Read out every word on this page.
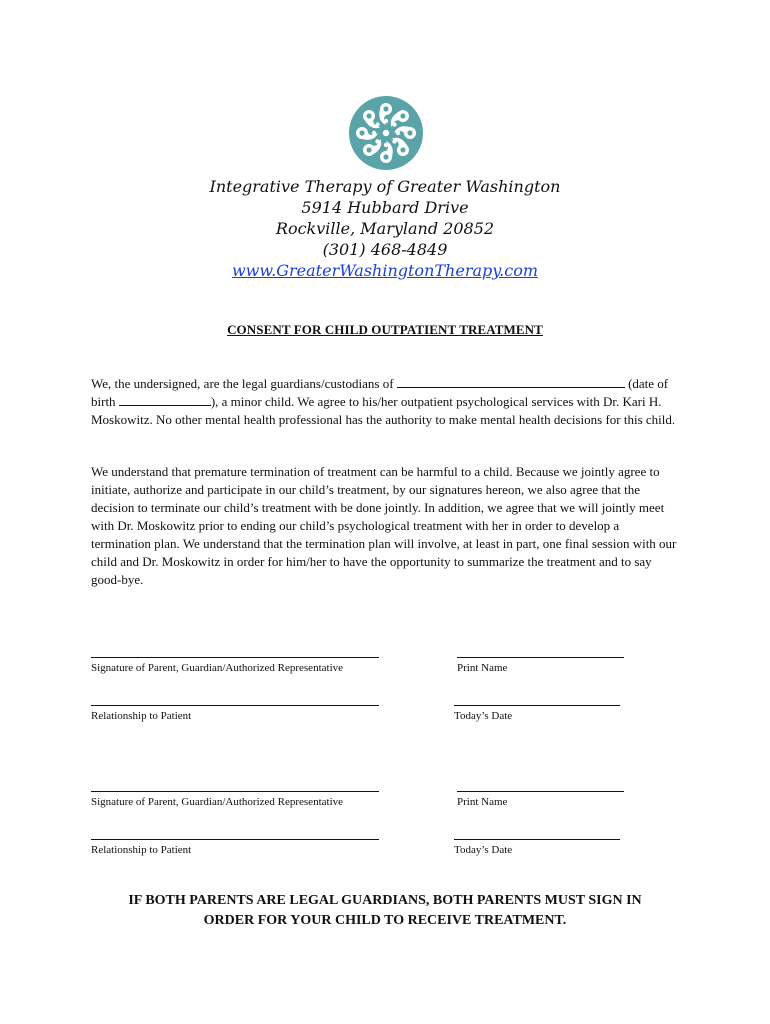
Integrative Therapy of Greater Washington
5914 Hubbard Drive
Rockville, Maryland 20852
(301) 468-4849
www.GreaterWashingtonTherapy.com
CONSENT FOR CHILD OUTPATIENT TREATMENT
We, the undersigned, are the legal guardians/custodians of	(date of birth	), a minor child. We agree to his/her outpatient psychological services with Dr. Kari H. Moskowitz. No other mental health professional has the authority to make mental health decisions for this child.
We understand that premature termination of treatment can be harmful to a child. Because we jointly agree to initiate, authorize and participate in our child’s treatment, by our signatures hereon, we also agree that the decision to terminate our child’s treatment with be done jointly. In addition, we agree that we will jointly meet with Dr. Moskowitz prior to ending our child’s psychological treatment with her in order to develop a termination plan. We understand that the termination plan will involve, at least in part, one final session with our child and Dr. Moskowitz in order for him/her to have the opportunity to summarize the treatment and to say good-bye.
Signature of Parent, Guardian/Authorized Representative	Print Name
Relationship to Patient	Today’s Date
Signature of Parent, Guardian/Authorized Representative	Print Name
Relationship to Patient	Today’s Date
IF BOTH PARENTS ARE LEGAL GUARDIANS, BOTH PARENTS MUST SIGN IN
ORDER FOR YOUR CHILD TO RECEIVE TREATMENT.
